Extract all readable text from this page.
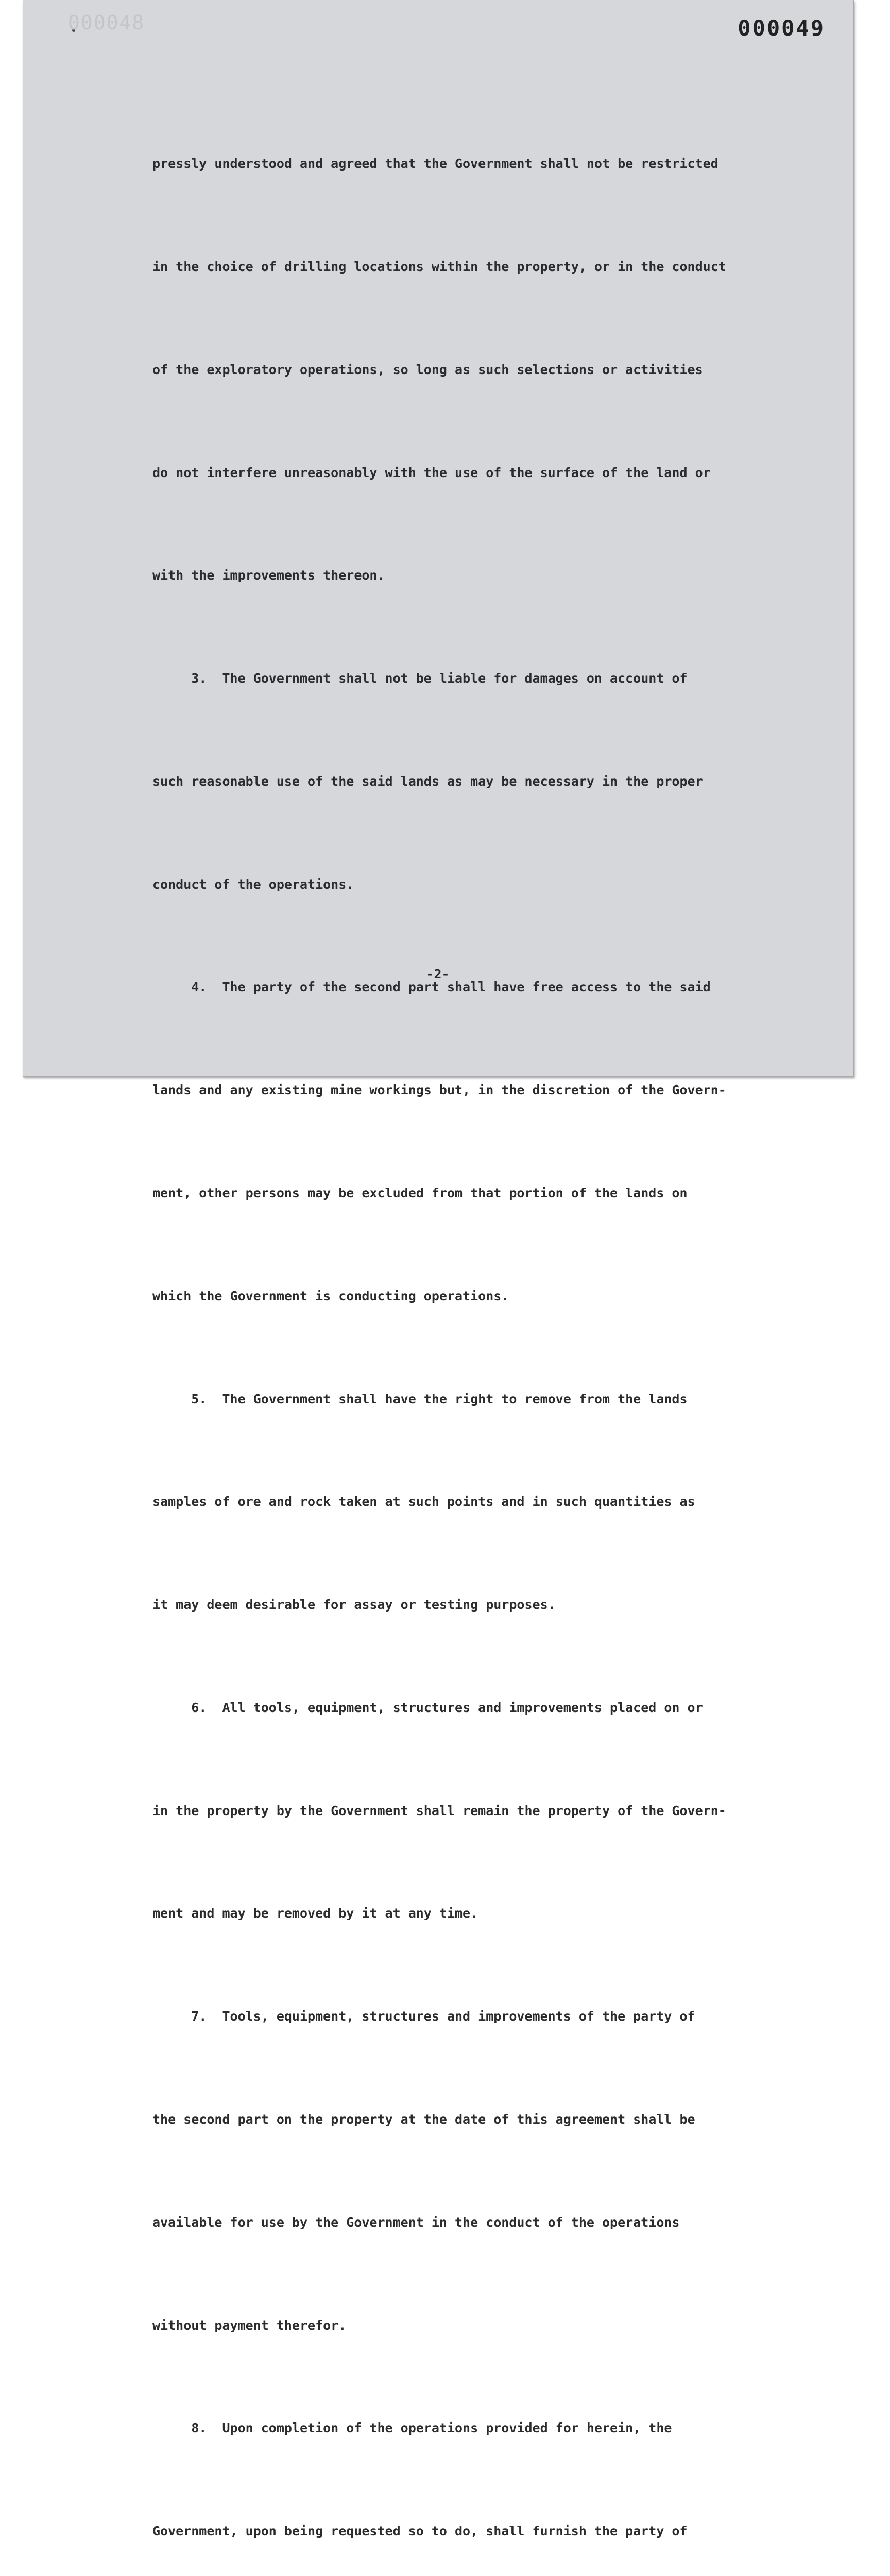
000048	000049

pressly understood and agreed that the Government shall not be restricted

in the choice of drilling locations within the property, or in the conduct

of the exploratory operations, so long as such selections or activities

do not interfere unreasonably with the use of the surface of the land or

with the improvements thereon.

3.  The Government shall not be liable for damages on account of

such reasonable use of the said lands as may be necessary in the proper

conduct of the operations.

4.  The party of the second part shall have free access to the said

lands and any existing mine workings but, in the discretion of the Govern-

ment, other persons may be excluded from that portion of the lands on

which the Government is conducting operations.

5.  The Government shall have the right to remove from the lands

samples of ore and rock taken at such points and in such quantities as

it may deem desirable for assay or testing purposes.

6.  All tools, equipment, structures and improvements placed on or

in the property by the Government shall remain the property of the Govern-

ment and may be removed by it at any time.

7.  Tools, equipment, structures and improvements of the party of

the second part on the property at the date of this agreement shall be

available for use by the Government in the conduct of the operations

without payment therefor.

8.  Upon completion of the operations provided for herein, the

Government, upon being requested so to do, shall furnish the party of

-2-
